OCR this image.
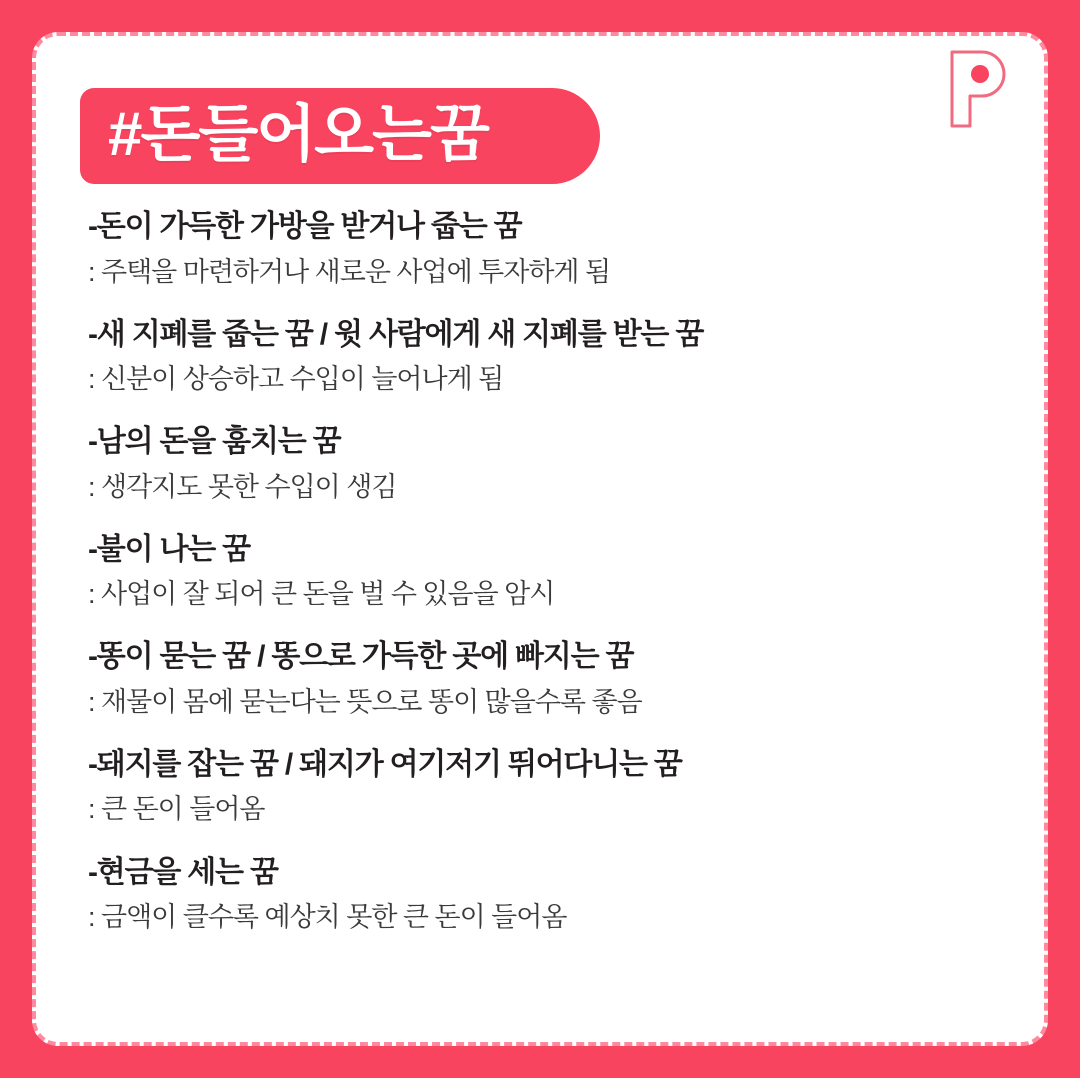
#돈들어오는꿈
-돈이 가득한 가방을 받거나 줍는 꿈
: 주택을 마련하거나 새로운 사업에 투자하게 됨
-새 지폐를 줍는 꿈 / 윗 사람에게 새 지폐를 받는 꿈
: 신분이 상승하고 수입이 늘어나게 됨
-남의 돈을 훔치는 꿈
: 생각지도 못한 수입이 생김
-불이 나는 꿈
: 사업이 잘 되어 큰 돈을 벌 수 있음을 암시
-똥이 묻는 꿈 / 똥으로 가득한 곳에 빠지는 꿈
: 재물이 몸에 묻는다는 뜻으로 똥이 많을수록 좋음
-돼지를 잡는 꿈 / 돼지가 여기저기 뛰어다니는 꿈
: 큰 돈이 들어옴
-현금을 세는 꿈
: 금액이 클수록 예상치 못한 큰 돈이 들어옴
